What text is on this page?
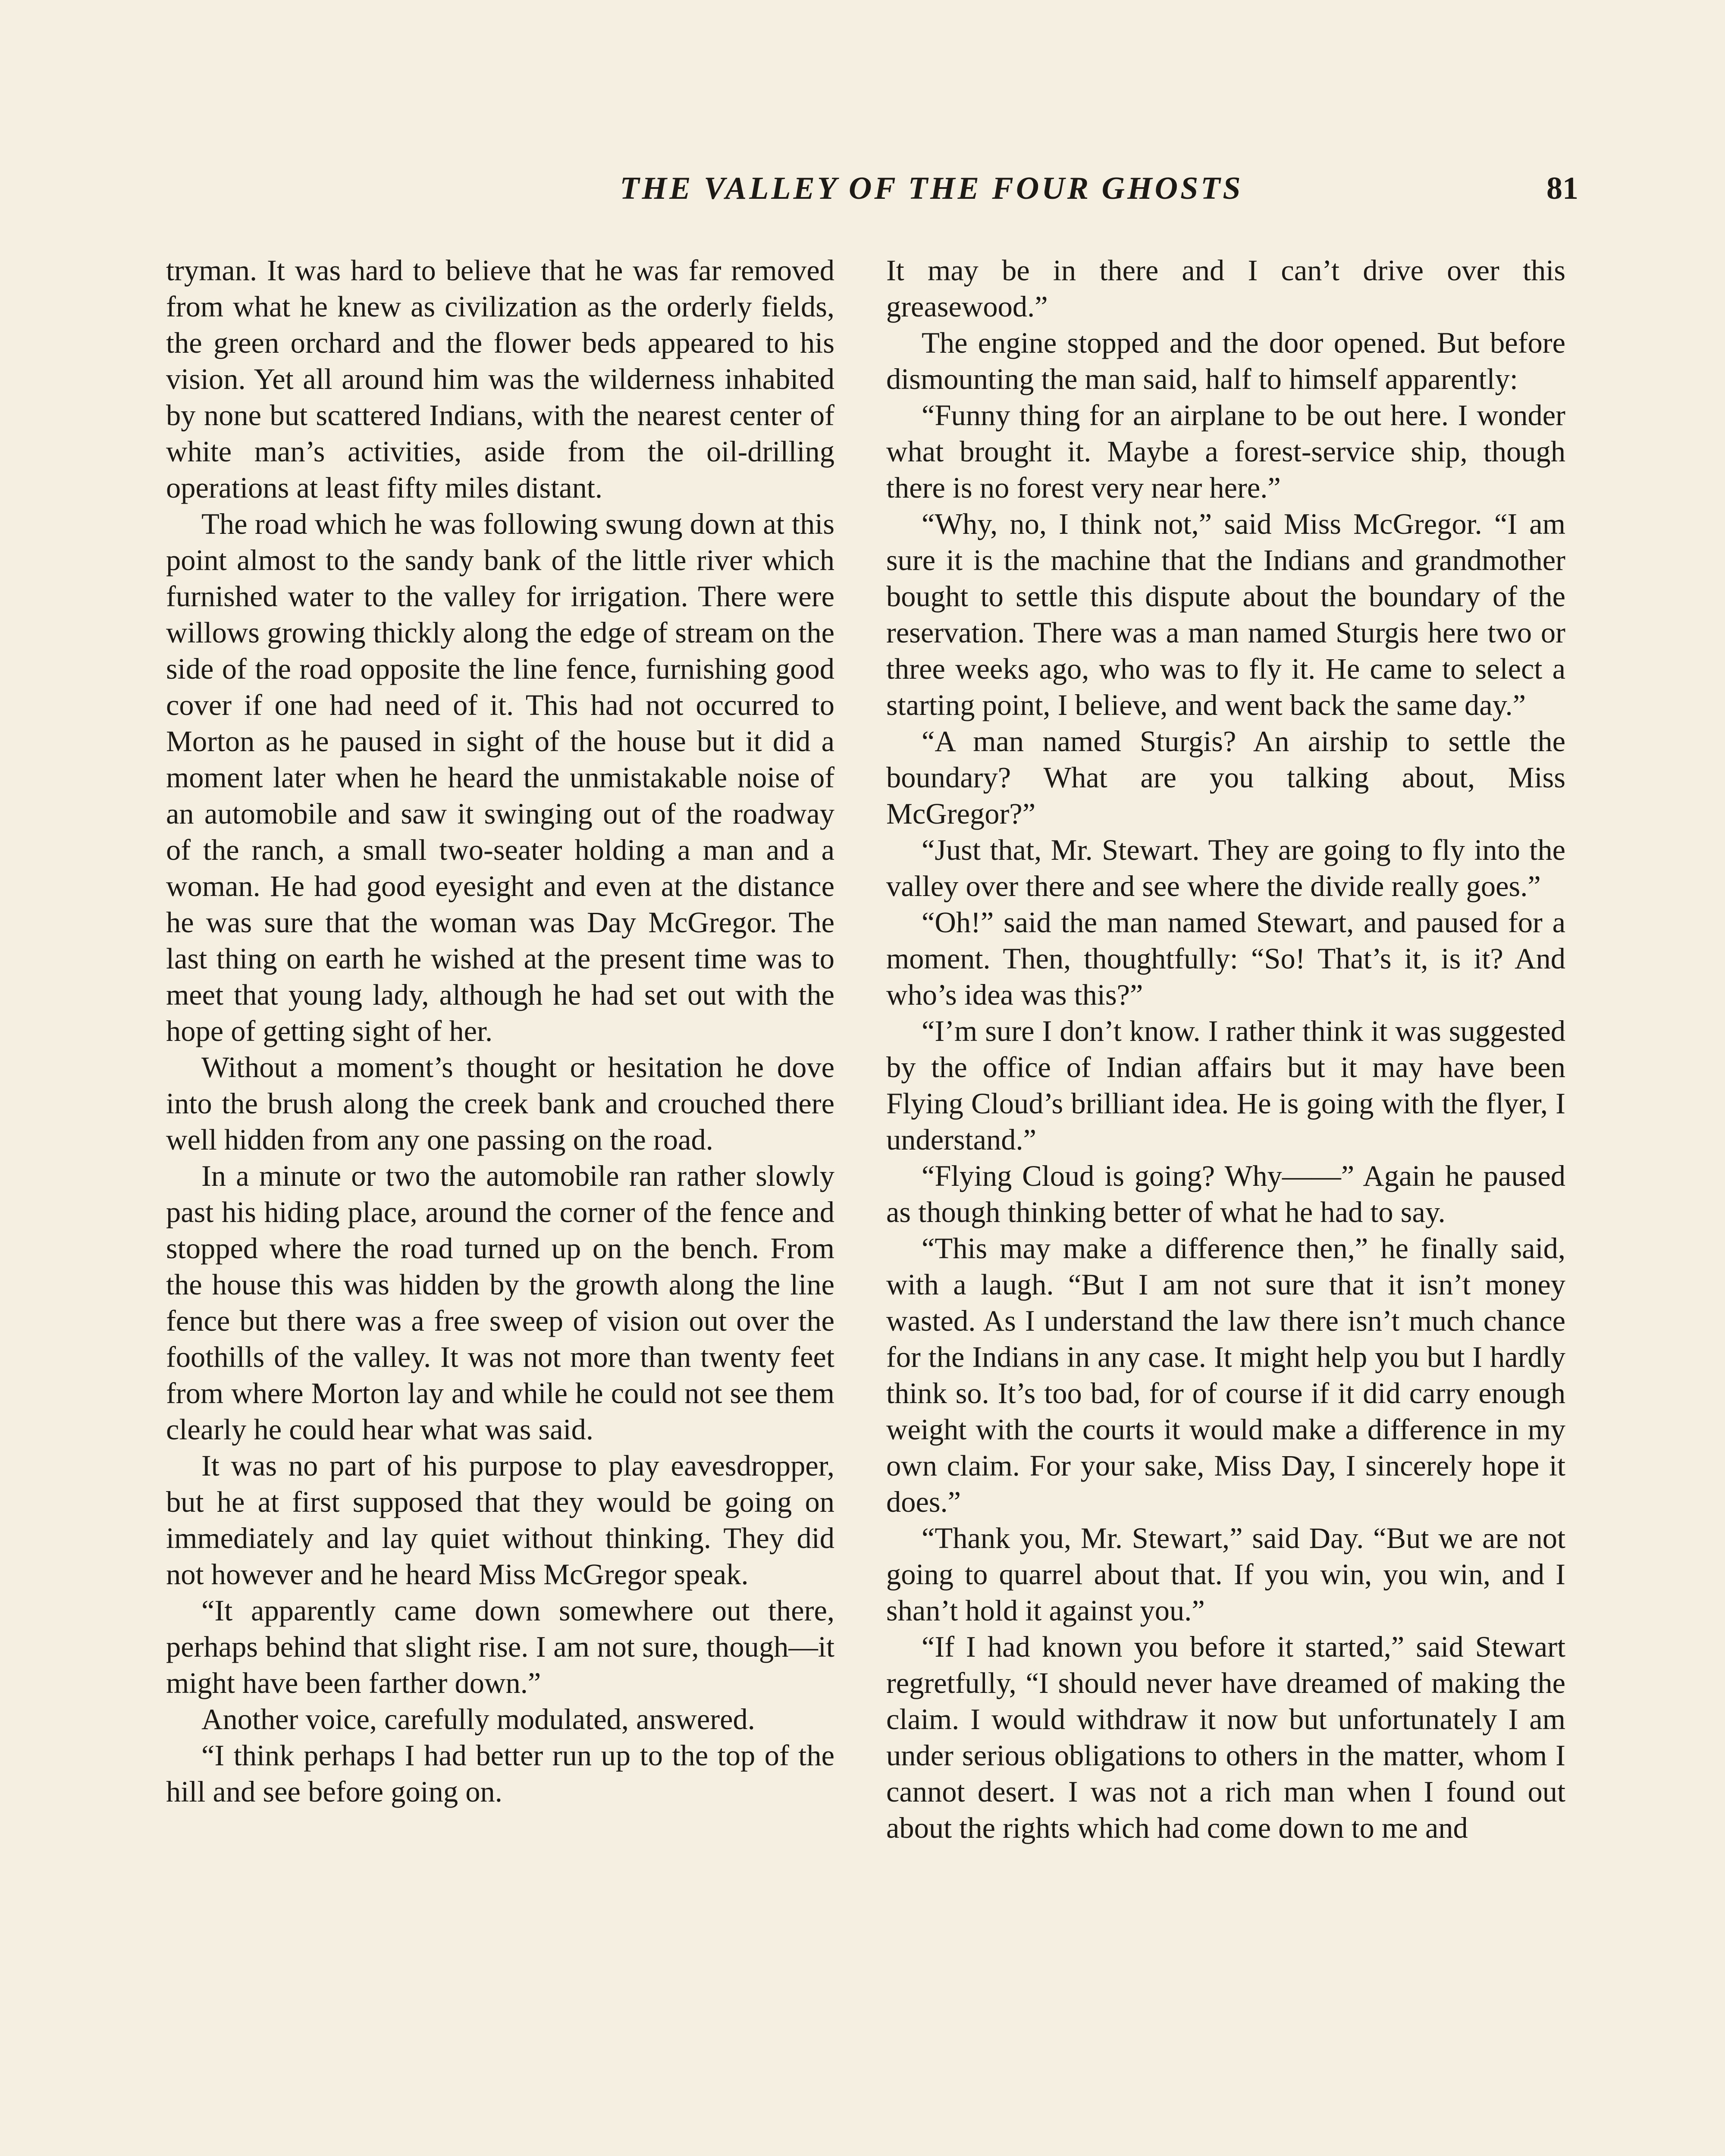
THE VALLEY OF THE FOUR GHOSTS	81

tryman. It was hard to believe that he was far removed from what he knew as civilization as the orderly fields, the green orchard and the flower beds appeared to his vision. Yet all around him was the wilderness inhabited by none but scattered Indians, with the nearest center of white man’s activities, aside from the oil-drilling operations at least fifty miles distant.

The road which he was following swung down at this point almost to the sandy bank of the little river which furnished water to the valley for irrigation. There were willows growing thickly along the edge of stream on the side of the road opposite the line fence, furnishing good cover if one had need of it. This had not occurred to Morton as he paused in sight of the house but it did a moment later when he heard the unmistakable noise of an automobile and saw it swinging out of the roadway of the ranch, a small two-seater holding a man and a woman. He had good eyesight and even at the distance he was sure that the woman was Day McGregor. The last thing on earth he wished at the present time was to meet that young lady, although he had set out with the hope of getting sight of her.

Without a moment’s thought or hesitation he dove into the brush along the creek bank and crouched there well hidden from any one passing on the road.

In a minute or two the automobile ran rather slowly past his hiding place, around the corner of the fence and stopped where the road turned up on the bench. From the house this was hidden by the growth along the line fence but there was a free sweep of vision out over the foothills of the valley. It was not more than twenty feet from where Morton lay and while he could not see them clearly he could hear what was said.

It was no part of his purpose to play eavesdropper, but he at first supposed that they would be going on immediately and lay quiet without thinking. They did not however and he heard Miss McGregor speak.

“It apparently came down somewhere out there, perhaps behind that slight rise. I am not sure, though—it might have been farther down.”

Another voice, carefully modulated, answered.

“I think perhaps I had better run up to the top of the hill and see before going on.

It may be in there and I can’t drive over this greasewood.”

The engine stopped and the door opened. But before dismounting the man said, half to himself apparently:

“Funny thing for an airplane to be out here. I wonder what brought it. Maybe a forest-service ship, though there is no forest very near here.”

“Why, no, I think not,” said Miss McGregor. “I am sure it is the machine that the Indians and grandmother bought to settle this dispute about the boundary of the reservation. There was a man named Sturgis here two or three weeks ago, who was to fly it. He came to select a starting point, I believe, and went back the same day.”

“A man named Sturgis? An airship to settle the boundary? What are you talking about, Miss McGregor?”

“Just that, Mr. Stewart. They are going to fly into the valley over there and see where the divide really goes.”

“Oh!” said the man named Stewart, and paused for a moment. Then, thoughtfully: “So! That’s it, is it? And who’s idea was this?”

“I’m sure I don’t know. I rather think it was suggested by the office of Indian affairs but it may have been Flying Cloud’s brilliant idea. He is going with the flyer, I understand.”

“Flying Cloud is going? Why——” Again he paused as though thinking better of what he had to say.

“This may make a difference then,” he finally said, with a laugh. “But I am not sure that it isn’t money wasted. As I understand the law there isn’t much chance for the Indians in any case. It might help you but I hardly think so. It’s too bad, for of course if it did carry enough weight with the courts it would make a difference in my own claim. For your sake, Miss Day, I sincerely hope it does.”

“Thank you, Mr. Stewart,” said Day. “But we are not going to quarrel about that. If you win, you win, and I shan’t hold it against you.”

“If I had known you before it started,” said Stewart regretfully, “I should never have dreamed of making the claim. I would withdraw it now but unfortunately I am under serious obligations to others in the matter, whom I cannot desert. I was not a rich man when I found out about the rights which had come down to me and
